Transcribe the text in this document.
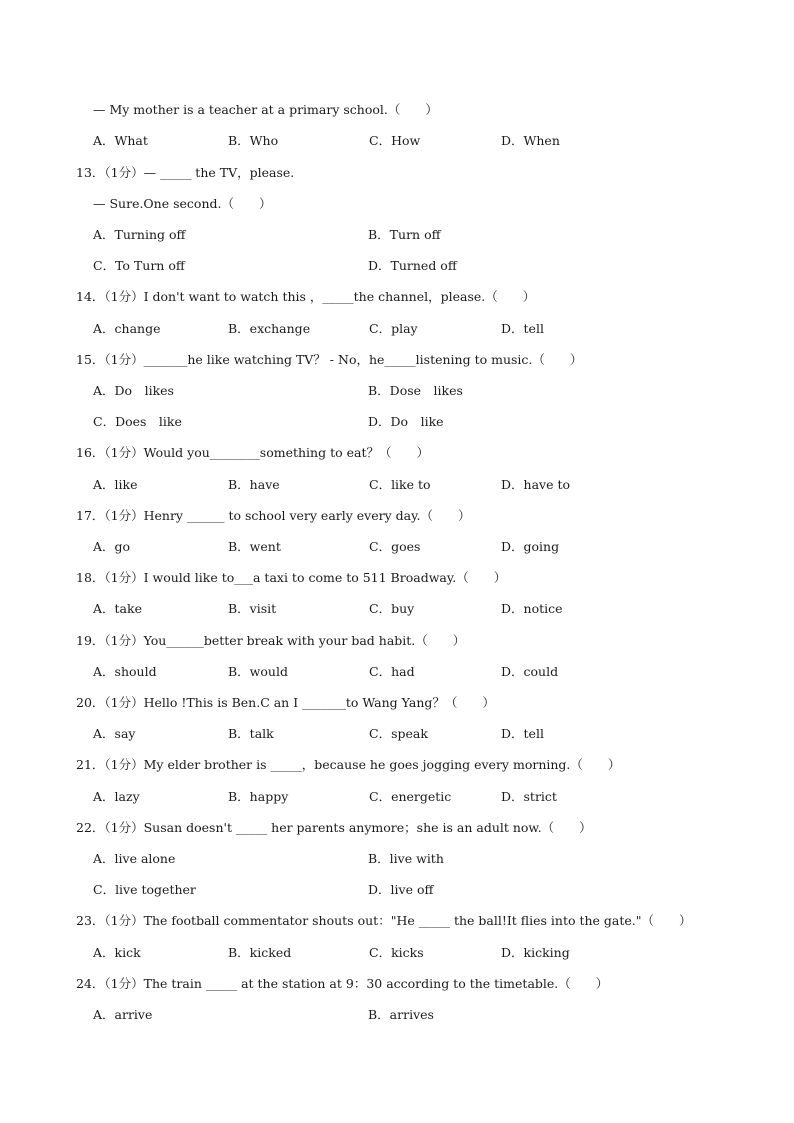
— My mother is a teacher at a primary school.（　　）
A．What	B．Who	C．How	D．When
13．（1分）— _____ the TV，please.
— Sure.One second.（　　）
A．Turning off	B．Turn off
C．To Turn off	D．Turned off
14．（1分）I don't want to watch this ，_____the channel，please.（　　）
A．change	B．exchange	C．play	D．tell
15．（1分）_______he like watching TV？ - No，he_____listening to music.（　　）
A．Do　likes	B．Dose　likes
C．Does　like	D．Do　like
16．（1分）Would you________something to eat？（　　）
A．like	B．have	C．like to	D．have to
17．（1分）Henry ______ to school very early every day.（　　）
A．go	B．went	C．goes	D．going
18．（1分）I would like to___a taxi to come to 511 Broadway.（　　）
A．take	B．visit	C．buy	D．notice
19．（1分）You______better break with your bad habit.（　　）
A．should	B．would	C．had	D．could
20．（1分）Hello !This is Ben.C an I _______to Wang Yang？（　　）
A．say	B．talk	C．speak	D．tell
21．（1分）My elder brother is _____，because he goes jogging every morning.（　　）
A．lazy	B．happy	C．energetic	D．strict
22．（1分）Susan doesn't _____ her parents anymore；she is an adult now.（　　）
A．live alone	B．live with
C．live together	D．live off
23．（1分）The football commentator shouts out："He _____ the ball!It flies into the gate."（　　）
A．kick	B．kicked	C．kicks	D．kicking
24．（1分）The train _____ at the station at 9：30 according to the timetable.（　　）
A．arrive	B．arrives
